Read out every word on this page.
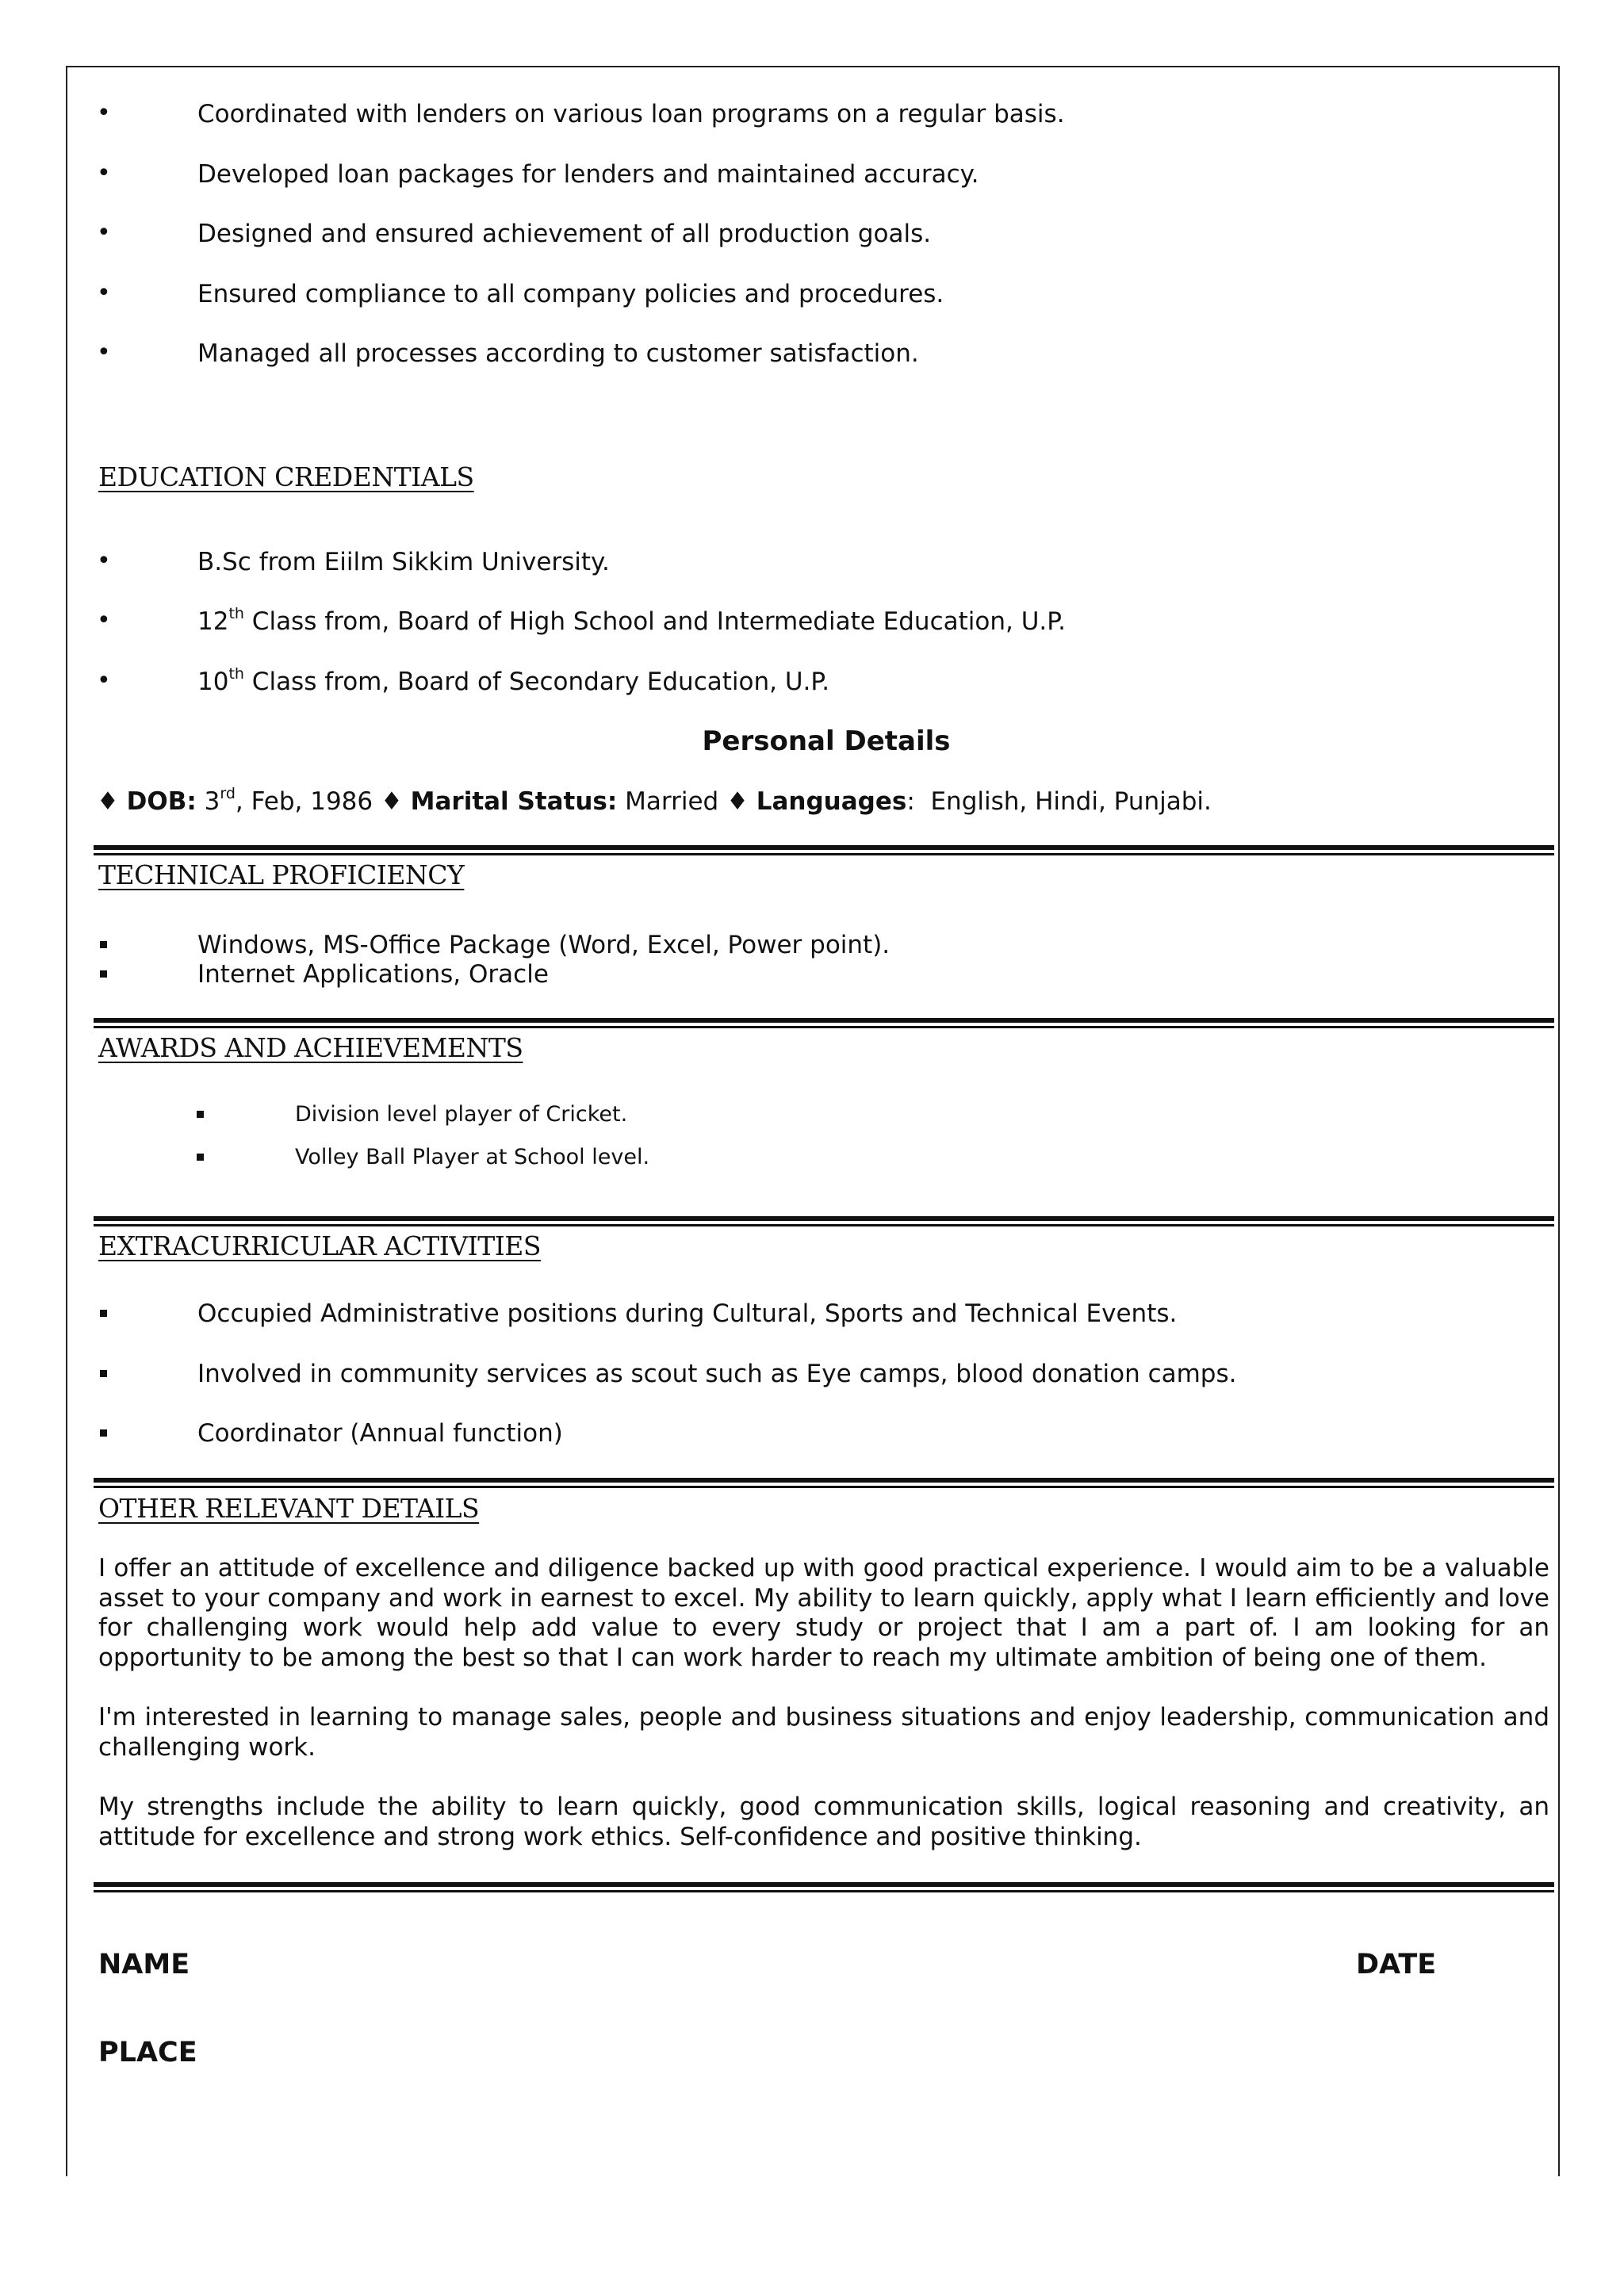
•	Coordinated with lenders on various loan programs on a regular basis.
•	Developed loan packages for lenders and maintained accuracy.
•	Designed and ensured achievement of all production goals.
•	Ensured compliance to all company policies and procedures.
•	Managed all processes according to customer satisfaction.
EDUCATION CREDENTIALS
•	B.Sc from Eiilm Sikkim University.
•	12th Class from, Board of High School and Intermediate Education, U.P.
•	10th Class from, Board of Secondary Education, U.P.
Personal Details
♦ DOB: 3rd, Feb, 1986 ♦ Marital Status: Married ♦ Languages:  English, Hindi, Punjabi.
TECHNICAL PROFICIENCY
Windows, MS-Office Package (Word, Excel, Power point).
Internet Applications, Oracle
AWARDS AND ACHIEVEMENTS
Division level player of Cricket.
Volley Ball Player at School level.
EXTRACURRICULAR ACTIVITIES
Occupied Administrative positions during Cultural, Sports and Technical Events.
Involved in community services as scout such as Eye camps, blood donation camps.
Coordinator (Annual function)
OTHER RELEVANT DETAILS
I offer an attitude of excellence and diligence backed up with good practical experience. I would aim to be a valuable asset to your company and work in earnest to excel. My ability to learn quickly, apply what I learn efficiently and love for challenging work would help add value to every study or project that I am a part of. I am looking for an opportunity to be among the best so that I can work harder to reach my ultimate ambition of being one of them.
I'm interested in learning to manage sales, people and business situations and enjoy leadership, communication and challenging work.
My strengths include the ability to learn quickly, good communication skills, logical reasoning and creativity, an attitude for excellence and strong work ethics. Self-confidence and positive thinking.
NAME	DATE
PLACE
